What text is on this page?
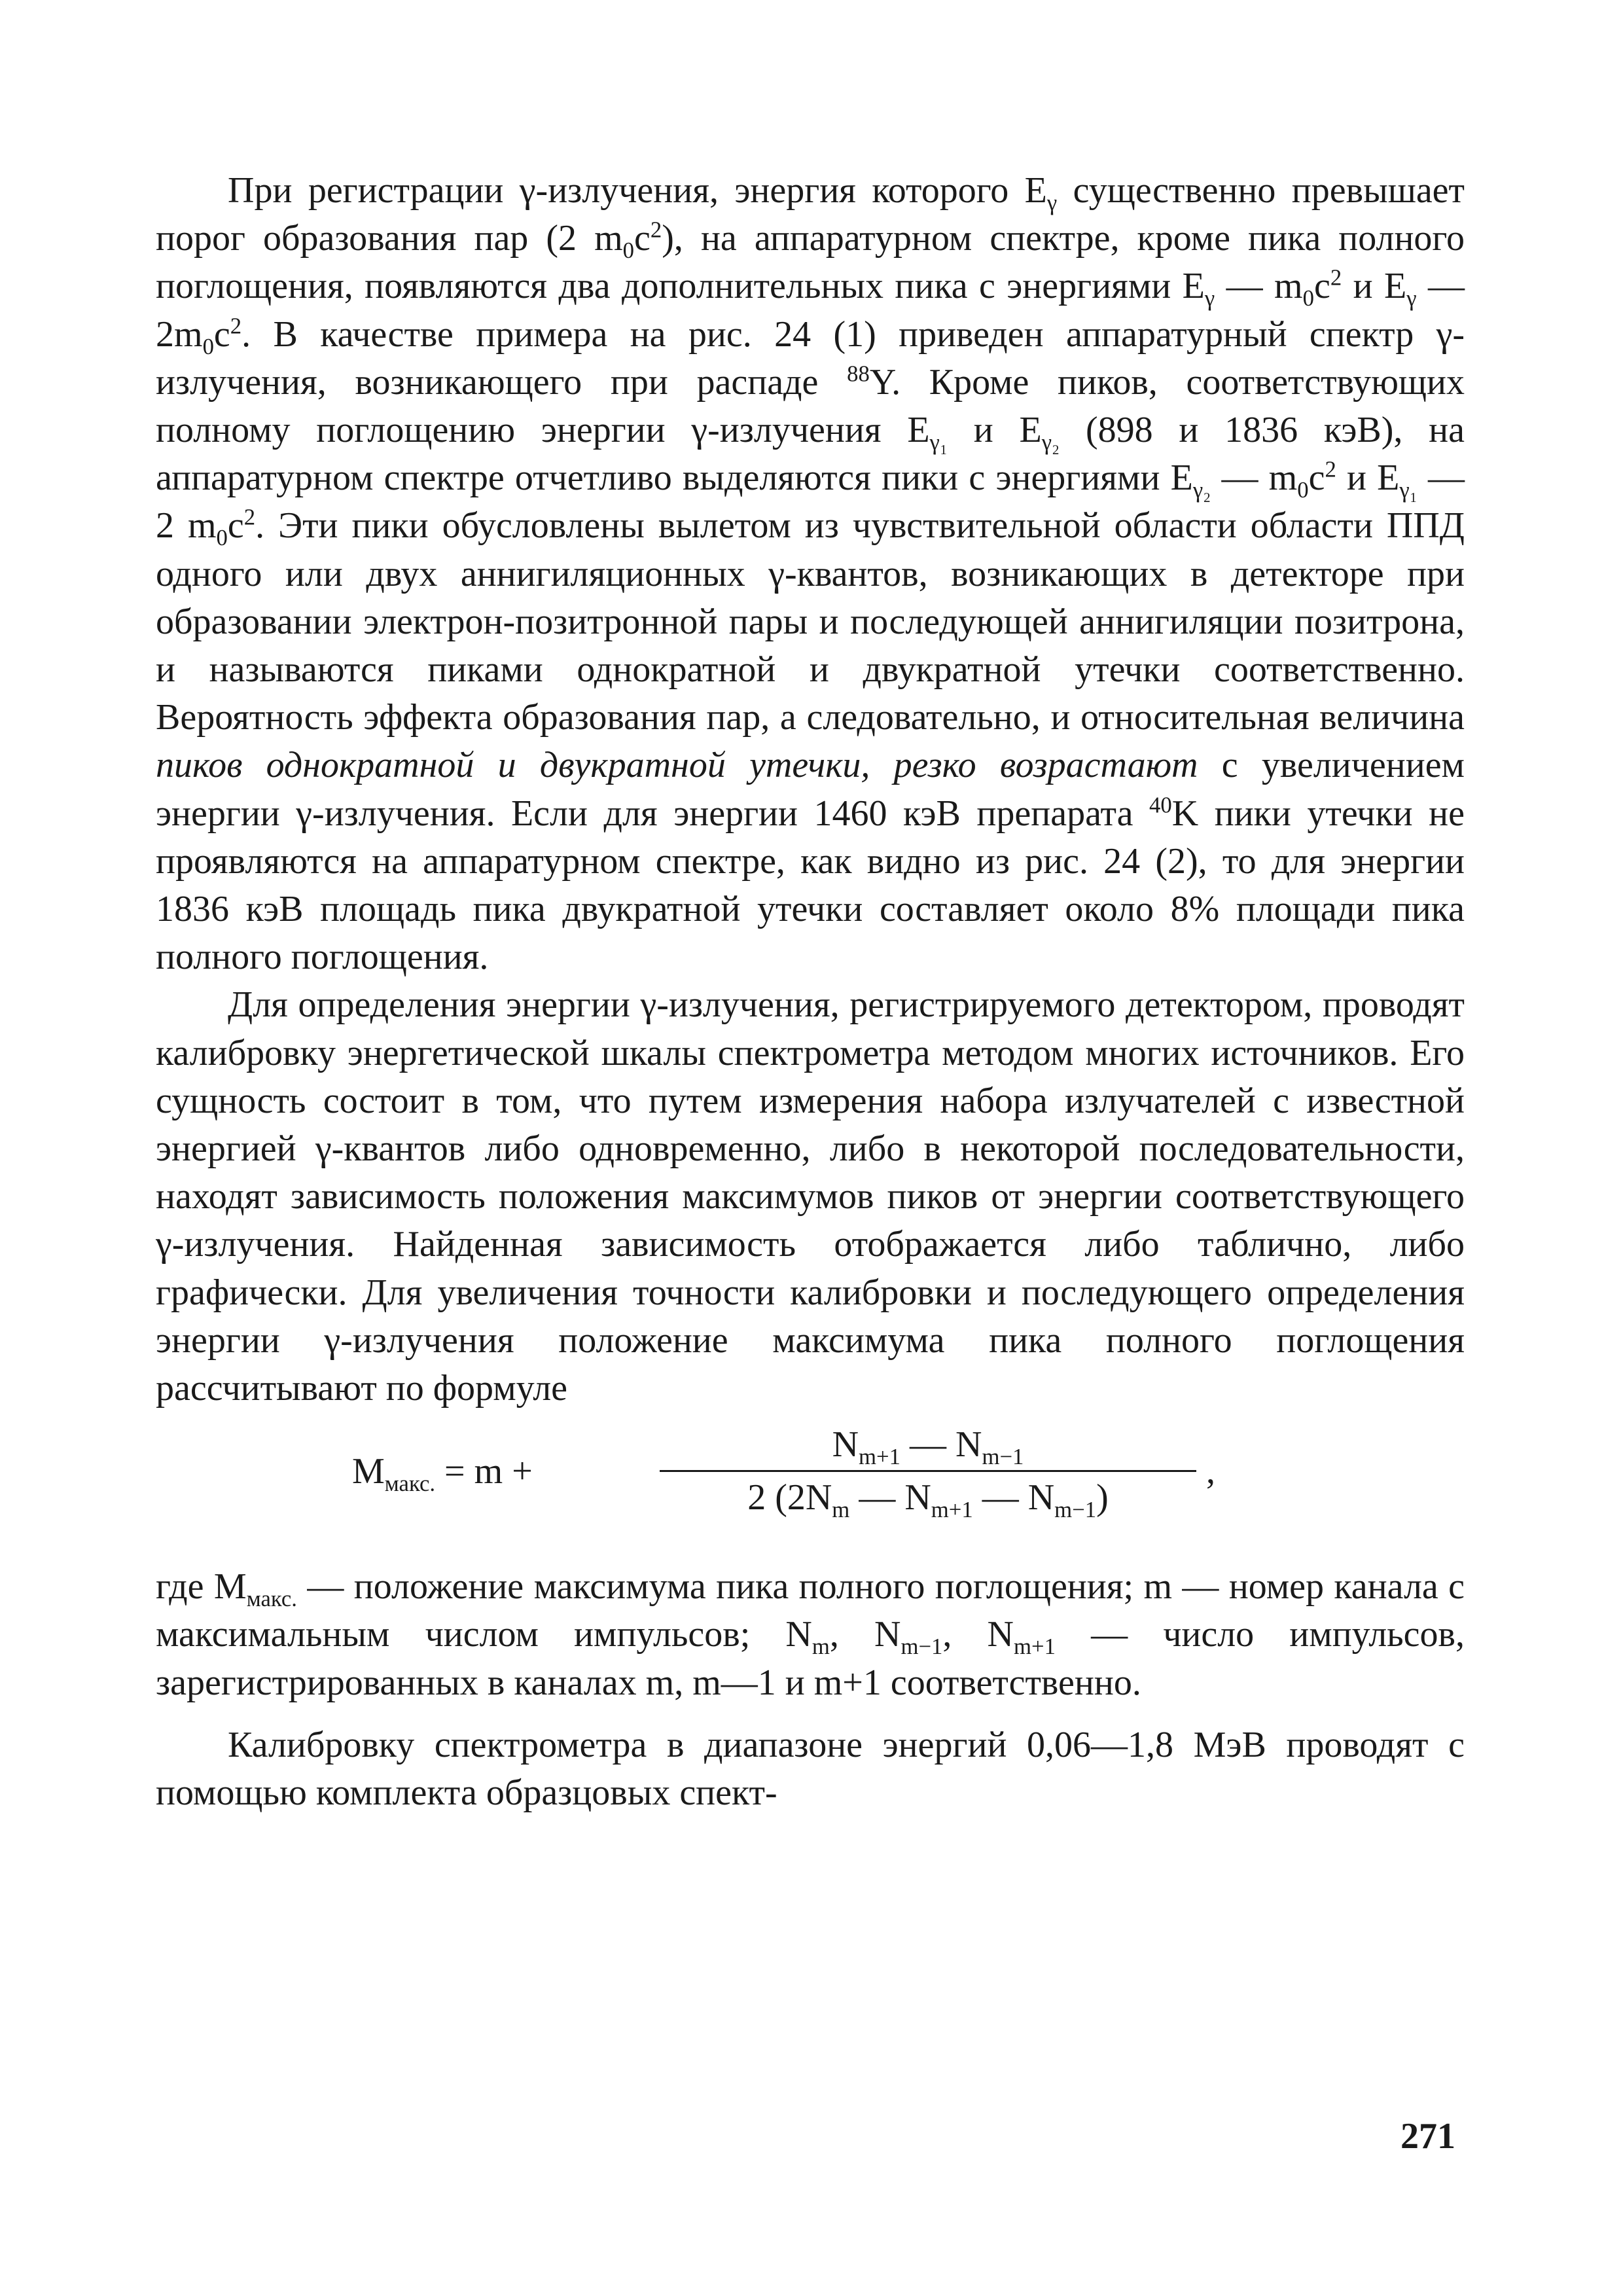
При регистрации γ-излучения, энергия которого $E_\gamma$ существенно превышает порог образования пар (2 $m_0c^2$), на аппаратурном спектре, кроме пика полного поглощения, появляются два дополнительных пика с энергиями $E_\gamma$ — $m_0c^2$ и $E_\gamma$ — $2m_0c^2$. В качестве примера на рис. 24 (1) приведен аппаратурный спектр γ-излучения, возникающего при распаде $^{88}$Y. Кроме пиков, соответствующих полному поглощению энергии γ-излучения $E_{\gamma_1}$ и $E_{\gamma_2}$ (898 и 1836 кэВ), на аппаратурном спектре отчетливо выделяются пики с энергиями $E_{\gamma_2}$ — $m_0c^2$ и $E_{\gamma_1}$ — 2 $m_0c^2$. Эти пики обусловлены вылетом из чувствительной области области ППД одного или двух аннигиляционных γ-квантов, возникающих в детекторе при образовании электрон-позитронной пары и последующей аннигиляции позитрона, и называются пиками однократной и двукратной утечки соответственно. Вероятность эффекта образования пар, а следовательно, и относительная величина пиков однократной и двукратной утечки, резко возрастают с увеличением энергии γ-излучения. Если для энергии 1460 кэВ препарата $^{40}$K пики утечки не проявляются на аппаратурном спектре, как видно из рис. 24 (2), то для энергии 1836 кэВ площадь пика двукратной утечки составляет около 8% площади пика полного поглощения.

Для определения энергии γ-излучения, регистрируемого детектором, проводят калибровку энергетической шкалы спектрометра методом многих источников. Его сущность состоит в том, что путем измерения набора излучателей с известной энергией γ-квантов либо одновременно, либо в некоторой последовательности, находят зависимость положения максимумов пиков от энергии соответствующего γ-излучения. Найденная зависимость отображается либо таблично, либо графически. Для увеличения точности калибровки и последующего определения энергии γ-излучения положение максимума пика полного поглощения рассчитывают по формуле

$M_{макс.} = m$ +
$N_{m+1}$ — $N_{m-1}$
2 ($2N_m$ — $N_{m+1}$ — $N_{m-1}$)
,

где $M_{макс.}$ — положение максимума пика полного поглощения; m — номер канала с максимальным числом импульсов; $N_m$, $N_{m-1}$, $N_{m+1}$ — число импульсов, зарегистрированных в каналах m, m—1 и m+1 соответственно.

Калибровку спектрометра в диапазоне энергий 0,06—1,8 МэВ проводят с помощью комплекта образцовых спект-

271
